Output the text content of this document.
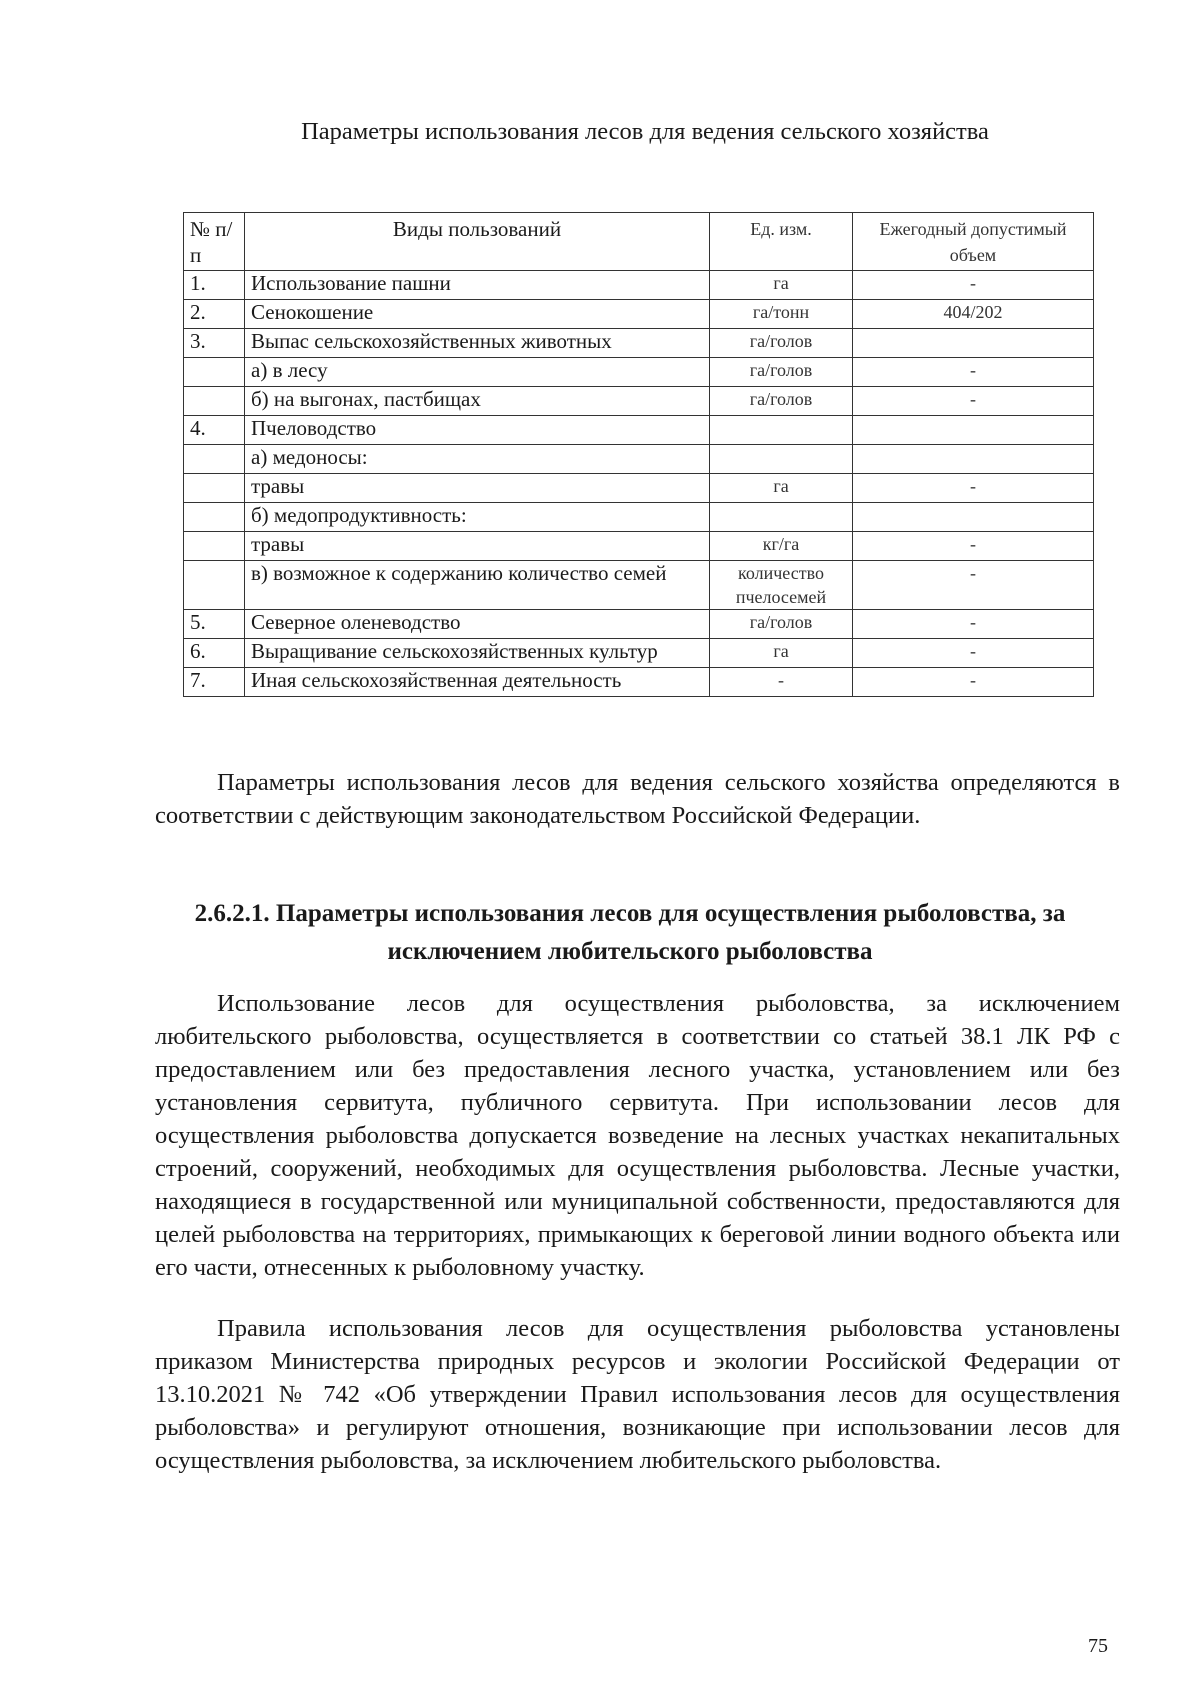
Параметры использования лесов для ведения сельского хозяйства
№ п/п	Виды пользований	Ед. изм.	Ежегодный допустимый объем
1.	Использование пашни	га	-
2.	Сенокошение	га/тонн	404/202
3.	Выпас сельскохозяйственных животных	га/голов	
	а) в лесу	га/голов	-
	б) на выгонах, пастбищах	га/голов	-
4.	Пчеловодство		
	а) медоносы:		
	травы	га	-
	б) медопродуктивность:		
	травы	кг/га	-
	в) возможное к содержанию количество семей	количество пчелосемей	-
5.	Северное оленеводство	га/голов	-
6.	Выращивание сельскохозяйственных культур	га	-
7.	Иная сельскохозяйственная деятельность	-	-
Параметры использования лесов для ведения сельского хозяйства определяются в соответствии с действующим законодательством Российской Федерации.
2.6.2.1. Параметры использования лесов для осуществления рыболовства, за исключением любительского рыболовства
Использование лесов для осуществления рыболовства, за исключением любительского рыболовства, осуществляется в соответствии со статьей 38.1 ЛК РФ с предоставлением или без предоставления лесного участка, установлением или без установления сервитута, публичного сервитута. При использовании лесов для осуществления рыболовства допускается возведение на лесных участках некапитальных строений, сооружений, необходимых для осуществления рыболовства. Лесные участки, находящиеся в государственной или муниципальной собственности, предоставляются для целей рыболовства на территориях, примыкающих к береговой линии водного объекта или его части, отнесенных к рыболовному участку.
Правила использования лесов для осуществления рыболовства установлены приказом Министерства природных ресурсов и экологии Российской Федерации от 13.10.2021 № 742 «Об утверждении Правил использования лесов для осуществления рыболовства» и регулируют отношения, возникающие при использовании лесов для осуществления рыболовства, за исключением любительского рыболовства.
75
